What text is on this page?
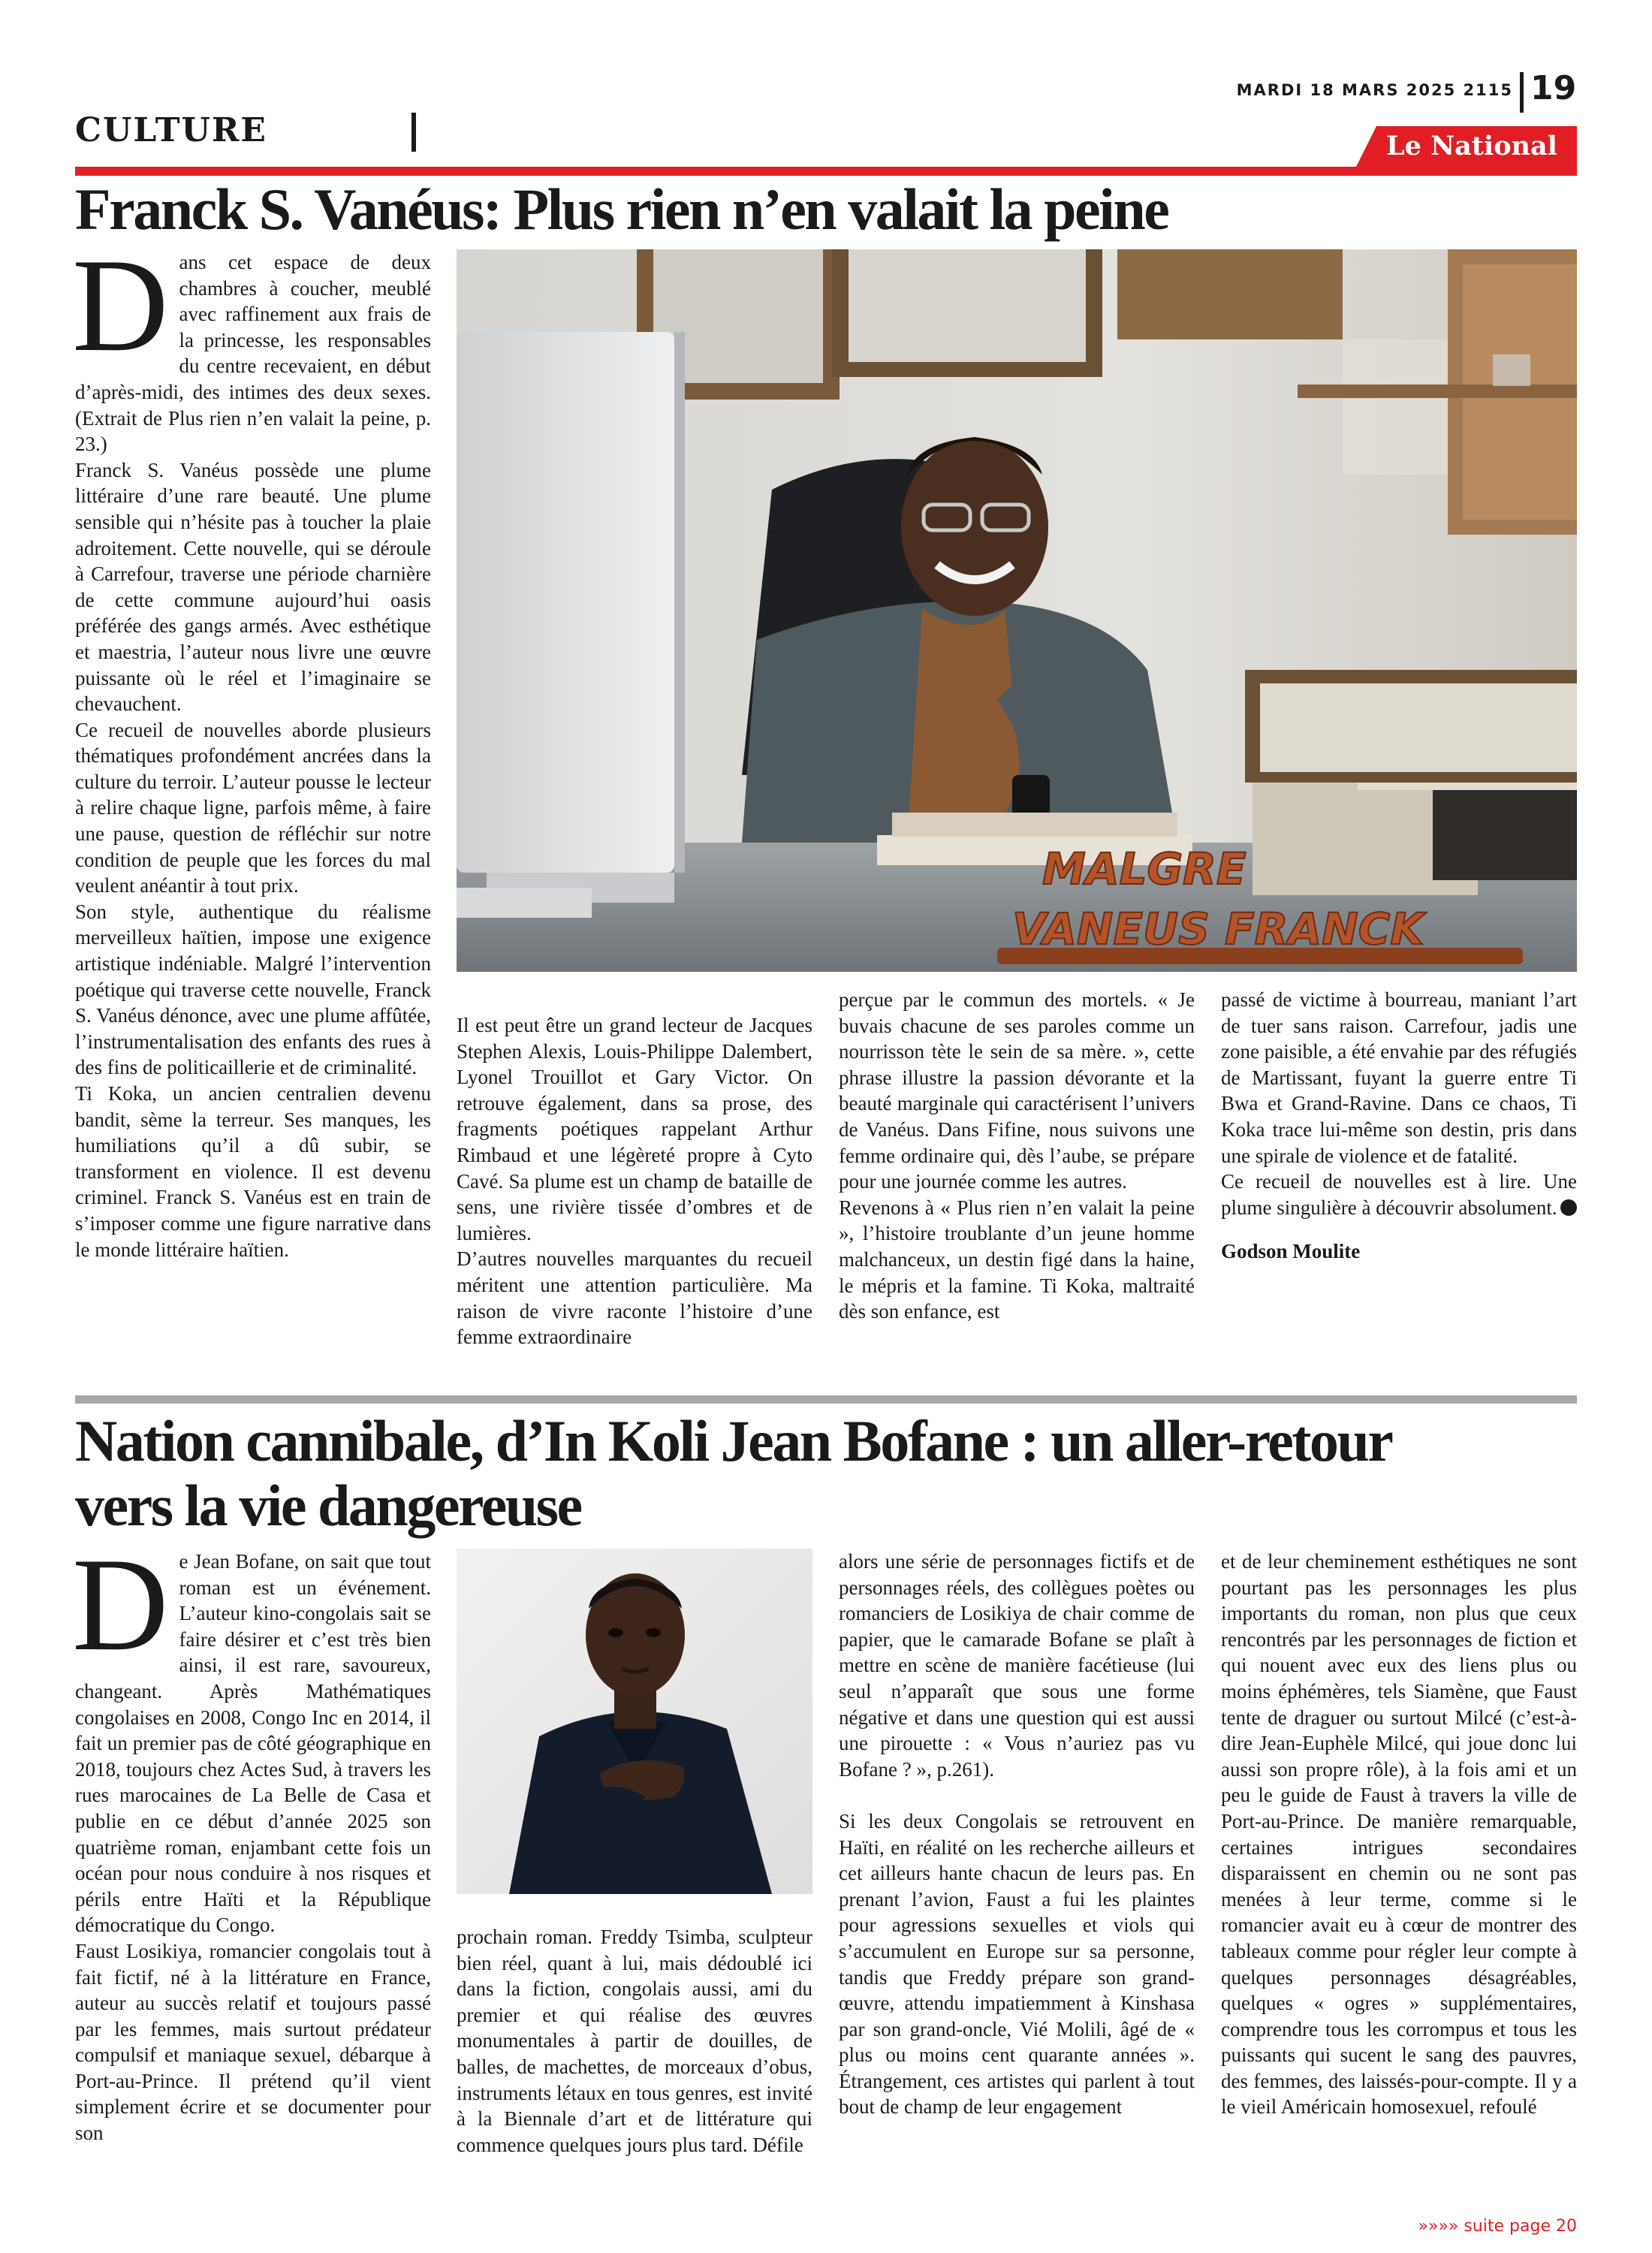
CULTURE
MARDI 18 MARS 2025 2115 19
Le National
Franck S. Vanéus: Plus rien n’en valait la peine
D ans cet espace de deux chambres à coucher, meublé avec raffinement aux frais de la princesse, les responsables du centre recevaient, en début d’après-midi, des intimes des deux sexes. (Extrait de Plus rien n’en valait la peine, p. 23.)

Franck S. Vanéus possède une plume littéraire d’une rare beauté. Une plume sensible qui n’hésite pas à toucher la plaie adroitement. Cette nouvelle, qui se déroule à Carrefour, traverse une période charnière de cette commune aujourd’hui oasis préférée des gangs armés. Avec esthétique et maestria, l’auteur nous livre une œuvre puissante où le réel et l’imaginaire se chevauchent.

Ce recueil de nouvelles aborde plusieurs thématiques profondément ancrées dans la culture du terroir. L’auteur pousse le lecteur à relire chaque ligne, parfois même, à faire une pause, question de réfléchir sur notre condition de peuple que les forces du mal veulent anéantir à tout prix.

Son style, authentique du réalisme merveilleux haïtien, impose une exigence artistique indéniable. Malgré l’intervention poétique qui traverse cette nouvelle, Franck S. Vanéus dénonce, avec une plume affûtée, l’instrumentalisation des enfants des rues à des fins de politicaillerie et de criminalité.

Ti Koka, un ancien centralien devenu bandit, sème la terreur. Ses manques, les humiliations qu’il a dû subir, se transforment en violence. Il est devenu criminel. Franck S. Vanéus est en train de s’imposer comme une figure narrative dans le monde littéraire haïtien.

MALGRE
VANEUS FRANCK

Il est peut être un grand lecteur de Jacques Stephen Alexis, Louis-Philippe Dalembert, Lyonel Trouillot et Gary Victor. On retrouve également, dans sa prose, des fragments poétiques rappelant Arthur Rimbaud et une légèreté propre à Cyto Cavé. Sa plume est un champ de bataille de sens, une rivière tissée d’ombres et de lumières.

D’autres nouvelles marquantes du recueil méritent une attention particulière. Ma raison de vivre raconte l’histoire d’une femme extraordinaire

perçue par le commun des mortels. « Je buvais chacune de ses paroles comme un nourrisson tète le sein de sa mère. », cette phrase illustre la passion dévorante et la beauté marginale qui caractérisent l’univers de Vanéus. Dans Fifine, nous suivons une femme ordinaire qui, dès l’aube, se prépare pour une journée comme les autres.

Revenons à « Plus rien n’en valait la peine », l’histoire troublante d’un jeune homme malchanceux, un destin figé dans la haine, le mépris et la famine. Ti Koka, maltraité dès son enfance, est

passé de victime à bourreau, maniant l’art de tuer sans raison. Carrefour, jadis une zone paisible, a été envahie par des réfugiés de Martissant, fuyant la guerre entre Ti Bwa et Grand-Ravine. Dans ce chaos, Ti Koka trace lui-même son destin, pris dans une spirale de violence et de fatalité.

Ce recueil de nouvelles est à lire. Une plume singulière à découvrir absolument.

Godson Moulite

Nation cannibale, d’In Koli Jean Bofane : un aller-retour
vers la vie dangereuse
D e Jean Bofane, on sait que tout roman est un événement. L’auteur kino-congolais sait se faire désirer et c’est très bien ainsi, il est rare, savoureux, changeant. Après Mathématiques congolaises en 2008, Congo Inc en 2014, il fait un premier pas de côté géographique en 2018, toujours chez Actes Sud, à travers les rues marocaines de La Belle de Casa et publie en ce début d’année 2025 son quatrième roman, enjambant cette fois un océan pour nous conduire à nos risques et périls entre Haïti et la République démocratique du Congo.

Faust Losikiya, romancier congolais tout à fait fictif, né à la littérature en France, auteur au succès relatif et toujours passé par les femmes, mais surtout prédateur compulsif et maniaque sexuel, débarque à Port-au-Prince. Il prétend qu’il vient simplement écrire et se documenter pour son

prochain roman. Freddy Tsimba, sculpteur bien réel, quant à lui, mais dédoublé ici dans la fiction, congolais aussi, ami du premier et qui réalise des œuvres monumentales à partir de douilles, de balles, de machettes, de morceaux d’obus, instruments létaux en tous genres, est invité à la Biennale d’art et de littérature qui commence quelques jours plus tard. Défile

alors une série de personnages fictifs et de personnages réels, des collègues poètes ou romanciers de Losikiya de chair comme de papier, que le camarade Bofane se plaît à mettre en scène de manière facétieuse (lui seul n’apparaît que sous une forme négative et dans une question qui est aussi une pirouette : « Vous n’auriez pas vu Bofane ? », p.261).

Si les deux Congolais se retrouvent en Haïti, en réalité on les recherche ailleurs et cet ailleurs hante chacun de leurs pas. En prenant l’avion, Faust a fui les plaintes pour agressions sexuelles et viols qui s’accumulent en Europe sur sa personne, tandis que Freddy prépare son grand-œuvre, attendu impatiemment à Kinshasa par son grand-oncle, Vié Molili, âgé de « plus ou moins cent quarante années ». Étrangement, ces artistes qui parlent à tout bout de champ de leur engagement

et de leur cheminement esthétiques ne sont pourtant pas les personnages les plus importants du roman, non plus que ceux rencontrés par les personnages de fiction et qui nouent avec eux des liens plus ou moins éphémères, tels Siamène, que Faust tente de draguer ou surtout Milcé (c’est-à-dire Jean-Euphèle Milcé, qui joue donc lui aussi son propre rôle), à la fois ami et un peu le guide de Faust à travers la ville de Port-au-Prince. De manière remarquable, certaines intrigues secondaires disparaissent en chemin ou ne sont pas menées à leur terme, comme si le romancier avait eu à cœur de montrer des tableaux comme pour régler leur compte à quelques personnages désagréables, quelques « ogres » supplémentaires, comprendre tous les corrompus et tous les puissants qui sucent le sang des pauvres, des femmes, des laissés-pour-compte. Il y a le vieil Américain homosexuel, refoulé

»»»» suite page 20
